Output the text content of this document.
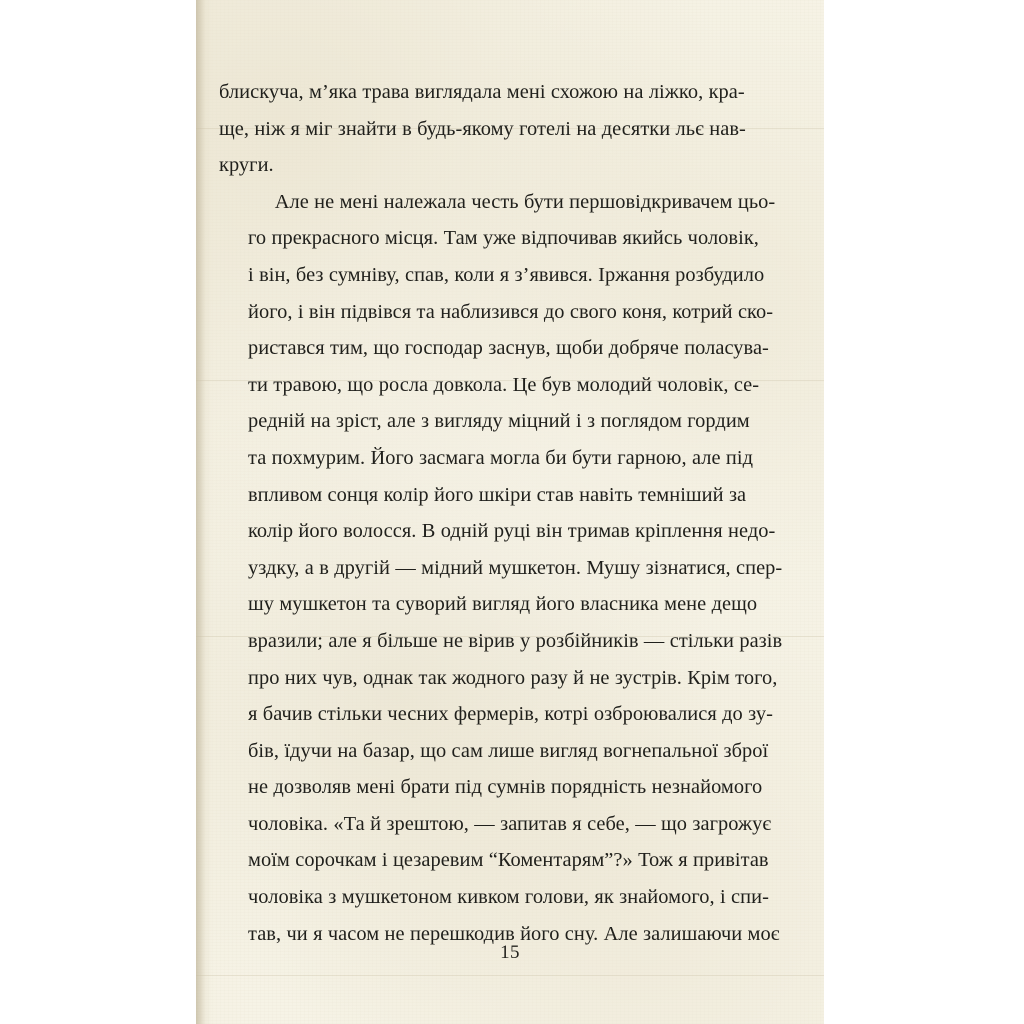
блискуча, м’яка трава виглядала мені схожою на ліжко, кра-
ще, ніж я міг знайти в будь-якому готелі на десятки льє нав-
круги.

Але не мені належала честь бути першовідкривачем цьо-
го прекрасного місця. Там уже відпочивав якийсь чоловік,
і він, без сумніву, спав, коли я з’явився. Іржання розбудило
його, і він підвівся та наблизився до свого коня, котрий ско-
ристався тим, що господар заснув, щоби добряче поласува-
ти травою, що росла довкола. Це був молодий чоловік, се-
редній на зріст, але з вигляду міцний і з поглядом гордим
та похмурим. Його засмага могла би бути гарною, але під
впливом сонця колір його шкіри став навіть темніший за
колір його волосся. В одній руці він тримав кріплення недо-
уздку, а в другій — мідний мушкетон. Мушу зізнатися, спер-
шу мушкетон та суворий вигляд його власника мене дещо
вразили; але я більше не вірив у розбійників — стільки разів
про них чув, однак так жодного разу й не зустрів. Крім того,
я бачив стільки чесних фермерів, котрі озброювалися до зу-
бів, їдучи на базар, що сам лише вигляд вогнепальної зброї
не дозволяв мені брати під сумнів порядність незнайомого
чоловіка. «Та й зрештою, — запитав я себе, — що загрожує
моїм сорочкам і цезаревим “Коментарям”?» Тож я привітав
чоловіка з мушкетоном кивком голови, як знайомого, і спи-
тав, чи я часом не перешкодив його сну. Але залишаючи моє

15
